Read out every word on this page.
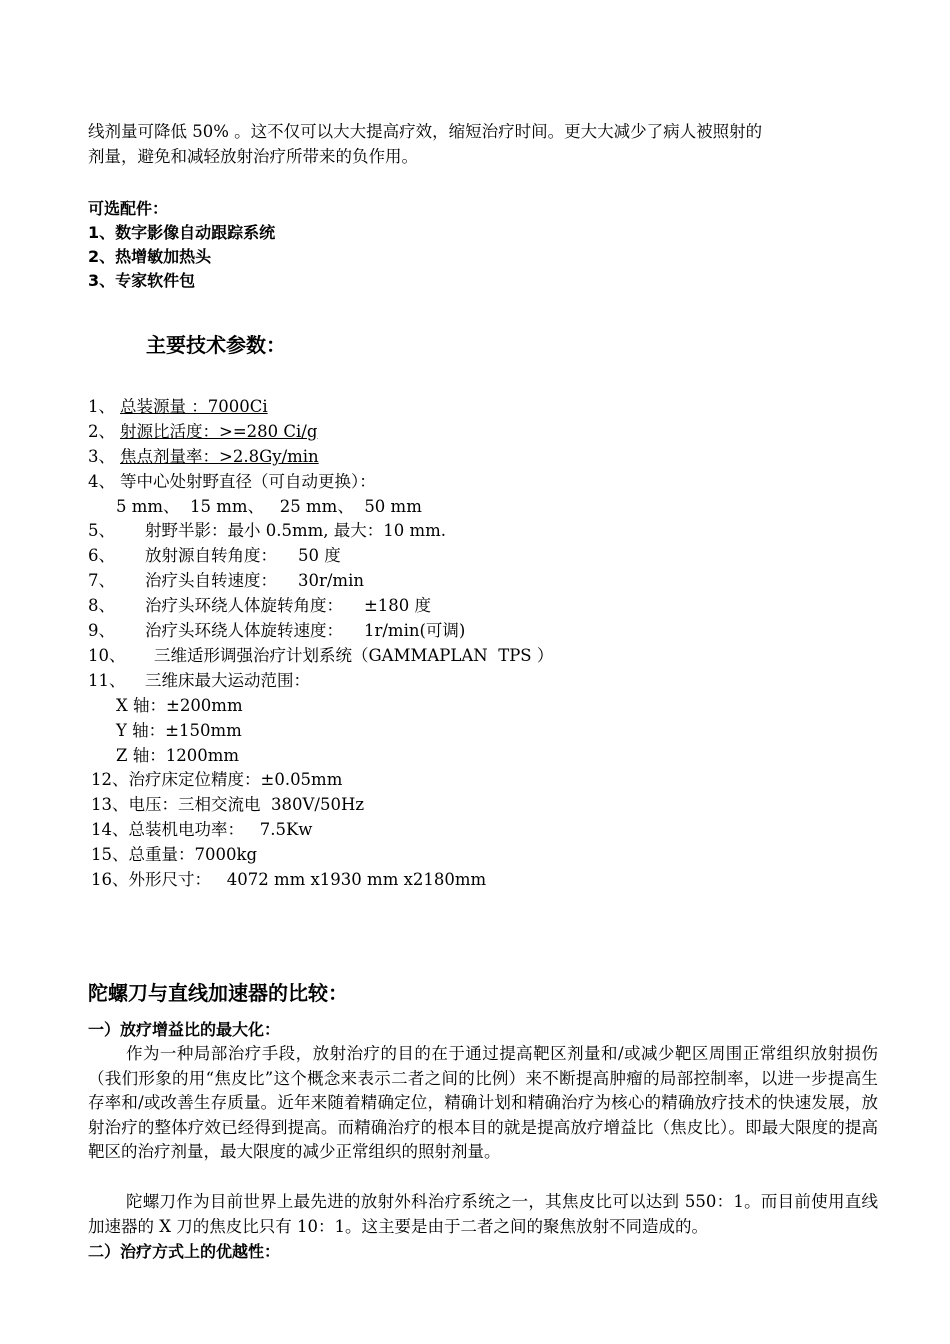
线剂量可降低 50% 。这不仅可以大大提高疗效，缩短治疗时间。更大大减少了病人被照射的
剂量，避免和减轻放射治疗所带来的负作用。
可选配件：
1、数字影像自动跟踪系统
2、热增敏加热头
3、专家软件包
主要技术参数：
1、 总装源量 ：7000Ci
2、 射源比活度：>=280 Ci/g
3、 焦点剂量率：>2.8Gy/min
4、 等中心处射野直径（可自动更换）：
5 mm、  15 mm、   25 mm、  50 mm
5、 射野半影：最小 0.5mm, 最大：10 mm.
6、 放射源自转角度：    50 度
7、 治疗头自转速度：    30r/min
8、 治疗头环绕人体旋转角度：    ±180 度
9、 治疗头环绕人体旋转速度：    1r/min(可调)
10、 三维适形调强治疗计划系统（GAMMAPLAN  TPS ）
11、 三维床最大运动范围：
X 轴：±200mm
Y 轴：±150mm
Z 轴：1200mm
12、治疗床定位精度：±0.05mm
13、电压：三相交流电  380V/50Hz
14、总装机电功率：   7.5Kw
15、总重量：7000kg
16、外形尺寸：   4072 mm x1930 mm x2180mm
陀螺刀与直线加速器的比较：
一）放疗增益比的最大化：
作为一种局部治疗手段，放射治疗的目的在于通过提高靶区剂量和/或减少靶区周围正常组织放射损伤（我们形象的用“焦皮比”这个概念来表示二者之间的比例）来不断提高肿瘤的局部控制率，以进一步提高生存率和/或改善生存质量。近年来随着精确定位，精确计划和精确治疗为核心的精确放疗技术的快速发展，放射治疗的整体疗效已经得到提高。而精确治疗的根本目的就是提高放疗增益比（焦皮比）。即最大限度的提高靶区的治疗剂量，最大限度的减少正常组织的照射剂量。
陀螺刀作为目前世界上最先进的放射外科治疗系统之一，其焦皮比可以达到 550：1。而目前使用直线加速器的 X 刀的焦皮比只有 10：1。这主要是由于二者之间的聚焦放射不同造成的。
二）治疗方式上的优越性：
